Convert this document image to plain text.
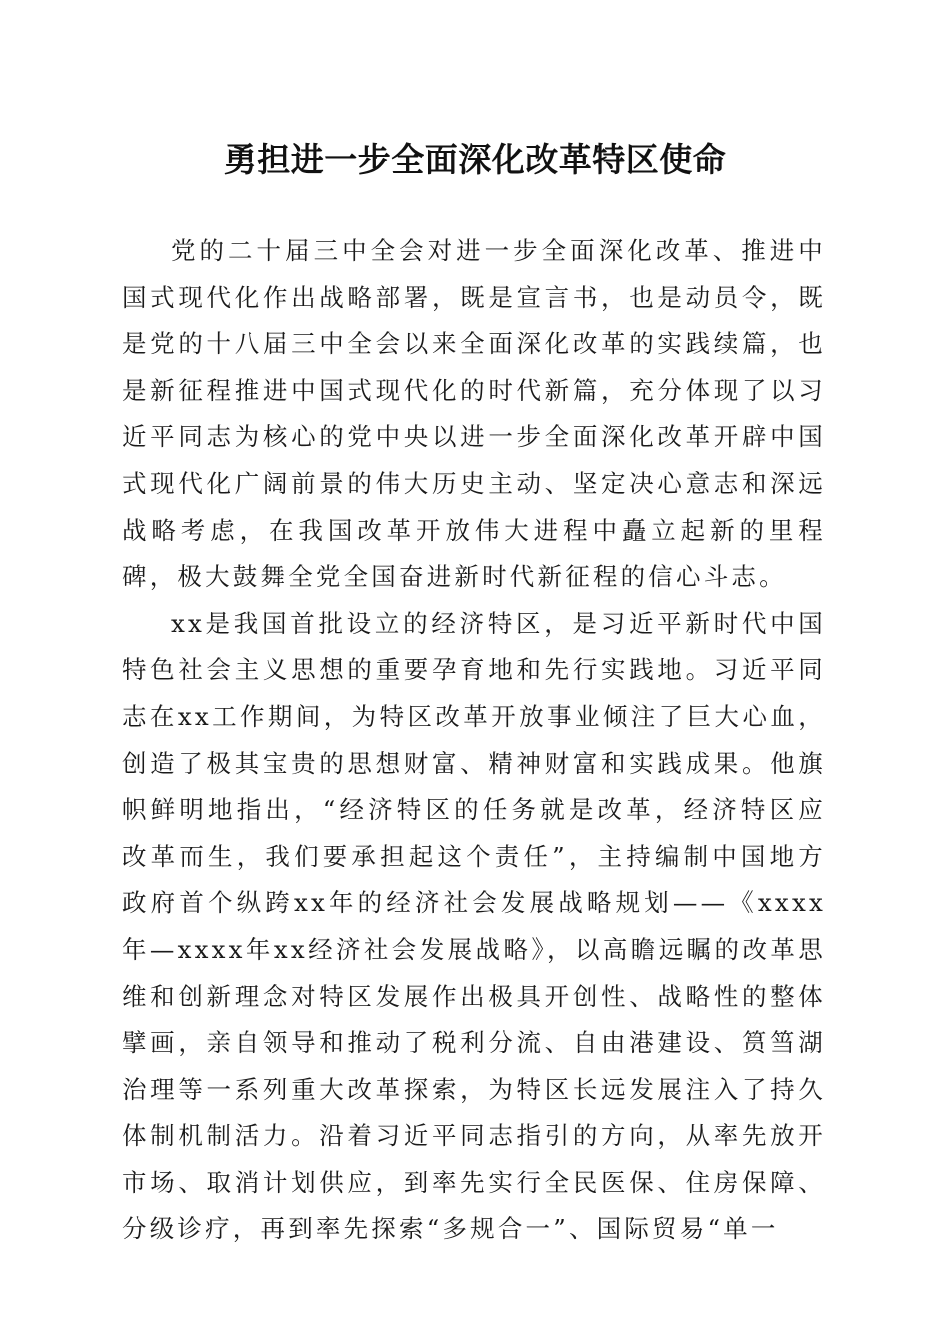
勇担进一步全面深化改革特区使命

党的二十届三中全会对进一步全面深化改革、推进中国式现代化作出战略部署，既是宣言书，也是动员令，既是党的十八届三中全会以来全面深化改革的实践续篇，也是新征程推进中国式现代化的时代新篇，充分体现了以习近平同志为核心的党中央以进一步全面深化改革开辟中国式现代化广阔前景的伟大历史主动、坚定决心意志和深远战略考虑，在我国改革开放伟大进程中矗立起新的里程碑，极大鼓舞全党全国奋进新时代新征程的信心斗志。

xx是我国首批设立的经济特区，是习近平新时代中国特色社会主义思想的重要孕育地和先行实践地。习近平同志在xx工作期间，为特区改革开放事业倾注了巨大心血，创造了极其宝贵的思想财富、精神财富和实践成果。他旗帜鲜明地指出，“经济特区的任务就是改革，经济特区应改革而生，我们要承担起这个责任”，主持编制中国地方政府首个纵跨xx年的经济社会发展战略规划——《xxxx年—xxxx年xx经济社会发展战略》，以高瞻远瞩的改革思维和创新理念对特区发展作出极具开创性、战略性的整体擘画，亲自领导和推动了税利分流、自由港建设、筼筜湖治理等一系列重大改革探索，为特区长远发展注入了持久体制机制活力。沿着习近平同志指引的方向，从率先放开市场、取消计划供应，到率先实行全民医保、住房保障、分级诊疗，再到率先探索“多规合一”、国际贸易“单一
